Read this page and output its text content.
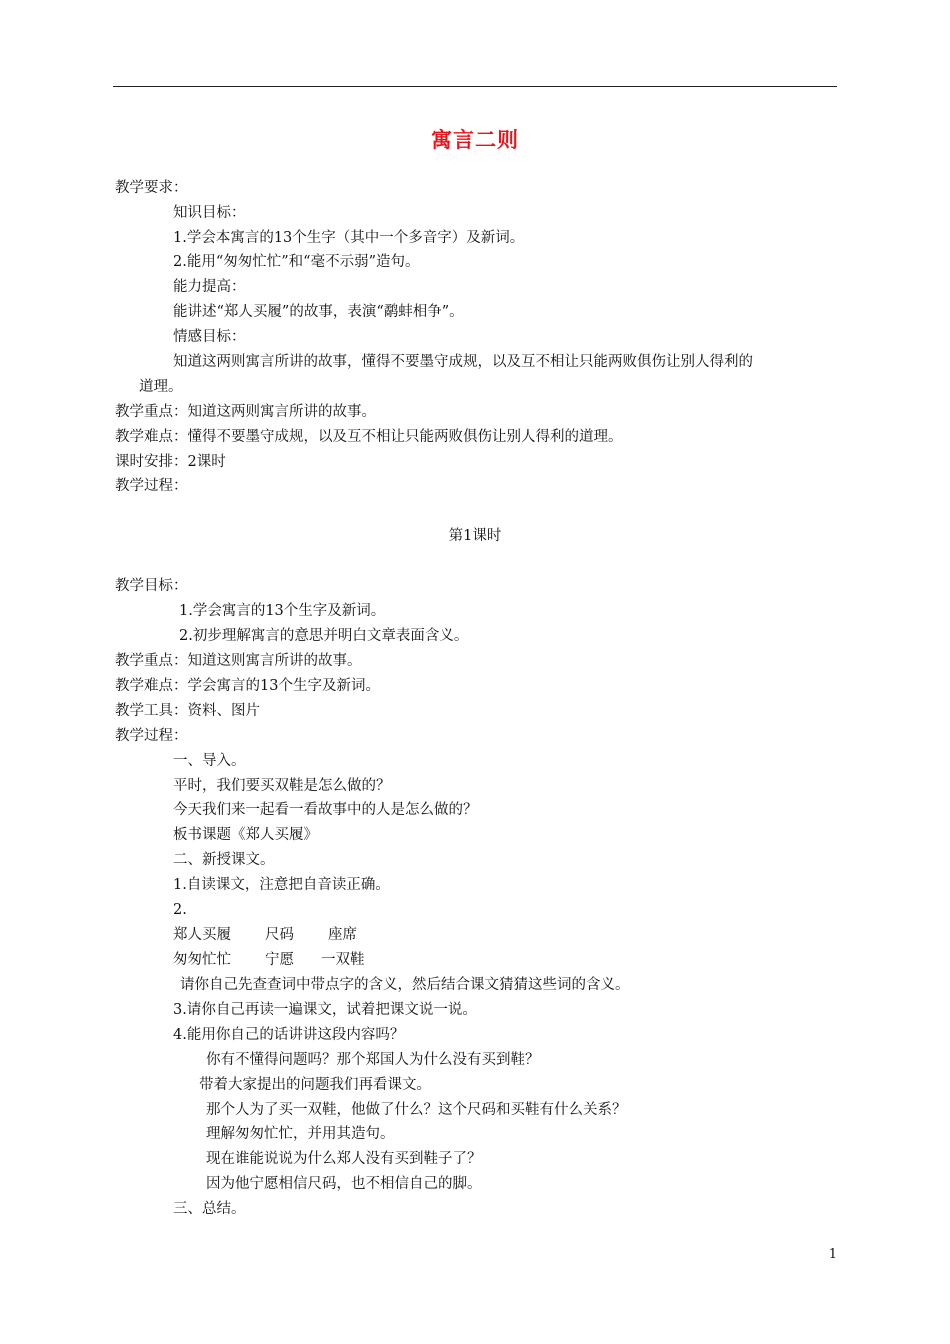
寓言二则
教学要求：
知识目标：
1.学会本寓言的13个生字（其中一个多音字）及新词。
2.能用“匆匆忙忙”和“毫不示弱”造句。
能力提高：
能讲述“郑人买履”的故事，表演“鹬蚌相争”。
情感目标：
知道这两则寓言所讲的故事，懂得不要墨守成规，以及互不相让只能两败俱伤让别人得利的
道理。
教学重点：知道这两则寓言所讲的故事。
教学难点：懂得不要墨守成规，以及互不相让只能两败俱伤让别人得利的道理。
课时安排：2课时
教学过程：
第1课时
教学目标：
1.学会寓言的13个生字及新词。
2.初步理解寓言的意思并明白文章表面含义。
教学重点：知道这则寓言所讲的故事。
教学难点：学会寓言的13个生字及新词。
教学工具：资料、图片
教学过程：
一、导入。
平时，我们要买双鞋是怎么做的？
今天我们来一起看一看故事中的人是怎么做的？
板书课题《郑人买履》
二、新授课文。
1.自读课文，注意把自音读正确。
2.
郑人买履 尺码 座席
匆匆忙忙 宁愿 一双鞋
请你自己先查查词中带点字的含义，然后结合课文猜猜这些词的含义。
3.请你自己再读一遍课文，试着把课文说一说。
4.能用你自己的话讲讲这段内容吗？
你有不懂得问题吗？那个郑国人为什么没有买到鞋？
带着大家提出的问题我们再看课文。
那个人为了买一双鞋，他做了什么？这个尺码和买鞋有什么关系？
理解匆匆忙忙，并用其造句。
现在谁能说说为什么郑人没有买到鞋子了？
因为他宁愿相信尺码，也不相信自己的脚。
三、总结。
1
